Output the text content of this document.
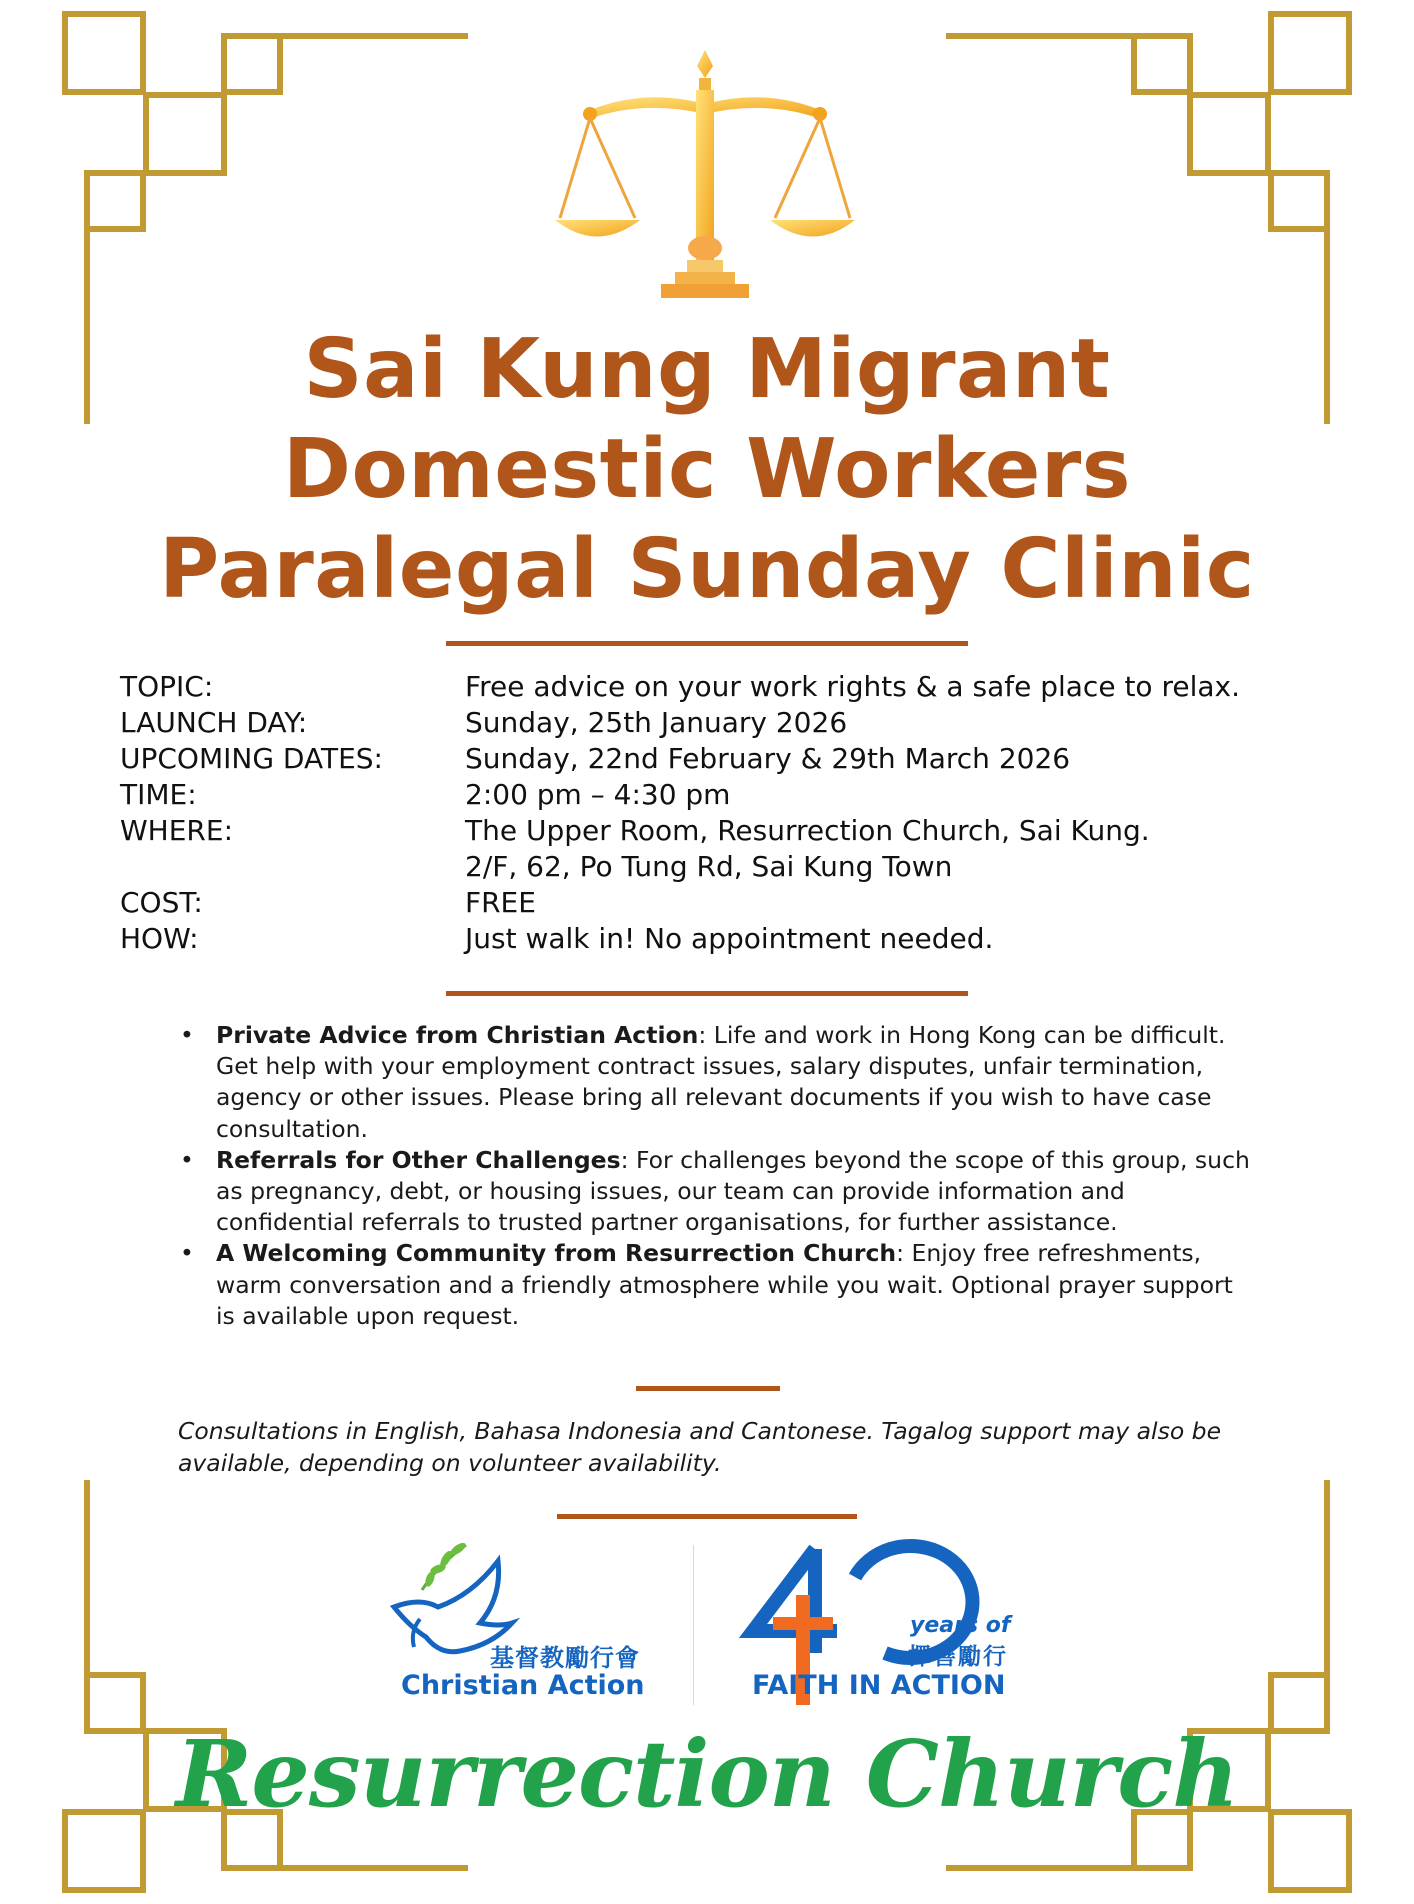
Sai Kung Migrant
Domestic Workers
Paralegal Sunday Clinic
TOPIC:	Free advice on your work rights & a safe place to relax.
LAUNCH DAY:	Sunday, 25th January 2026
UPCOMING DATES:	Sunday, 22nd February & 29th March 2026
TIME:	2:00 pm – 4:30 pm
WHERE:	The Upper Room, Resurrection Church, Sai Kung.
2/F, 62, Po Tung Rd, Sai Kung Town
COST:	FREE
HOW:	Just walk in! No appointment needed.
• Private Advice from Christian Action: Life and work in Hong Kong can be difficult. Get help with your employment contract issues, salary disputes, unfair termination, agency or other issues. Please bring all relevant documents if you wish to have case consultation.
• Referrals for Other Challenges: For challenges beyond the scope of this group, such as pregnancy, debt, or housing issues, our team can provide information and confidential referrals to trusted partner organisations, for further assistance.
• A Welcoming Community from Resurrection Church: Enjoy free refreshments, warm conversation and a friendly atmosphere while you wait. Optional prayer support is available upon request.
Consultations in English, Bahasa Indonesia and Cantonese. Tagalog support may also be available, depending on volunteer availability.
基督教勵行會
Christian Action
years of
擇善勵行
FAITH IN ACTION
Resurrection Church
